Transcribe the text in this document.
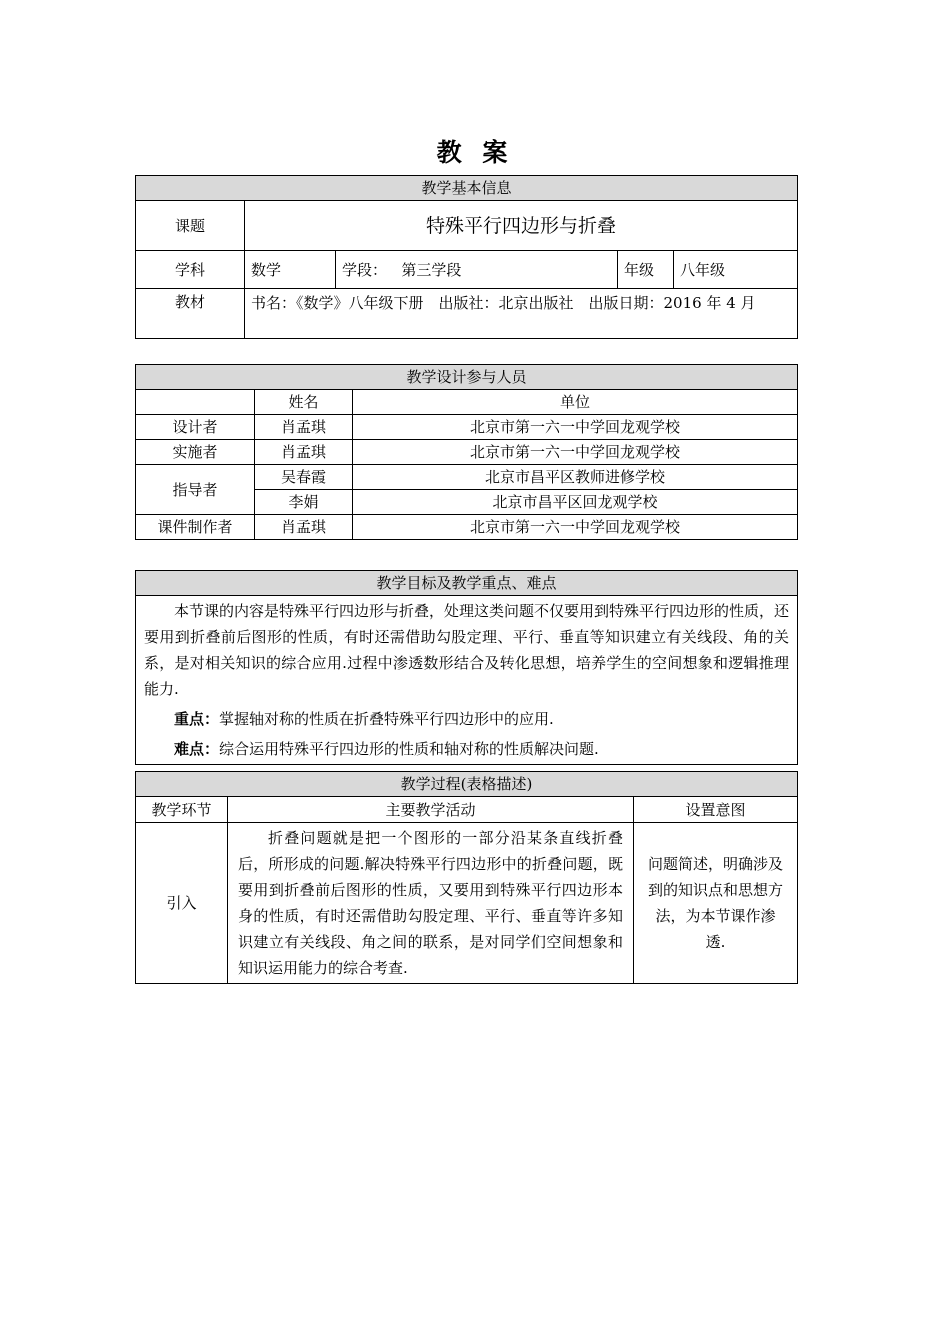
教 案
教学基本信息				
课题	特殊平行四边形与折叠			
学科	数学	学段： 第三学段	年级	八年级
教材	书名：《数学》八年级下册　出版社：北京出版社　出版日期：2016 年 4 月			
教学设计参与人员		
	姓名	单位
设计者	肖孟琪	北京市第一六一中学回龙观学校
实施者	肖孟琪	北京市第一六一中学回龙观学校
指导者	吴春霞	北京市昌平区教师进修学校
	李娟	北京市昌平区回龙观学校
课件制作者	肖孟琪	北京市第一六一中学回龙观学校
教学目标及教学重点、难点

本节课的内容是特殊平行四边形与折叠，处理这类问题不仅要用到特殊平行四边形的性质，还要用到折叠前后图形的性质，有时还需借助勾股定理、平行、垂直等知识建立有关线段、角的关系，是对相关知识的综合应用.过程中渗透数形结合及转化思想，培养学生的空间想象和逻辑推理能力.
重点：掌握轴对称的性质在折叠特殊平行四边形中的应用.
难点：综合运用特殊平行四边形的性质和轴对称的性质解决问题.
教学过程(表格描述)		
教学环节	主要教学活动	设置意图
引入	折叠问题就是把一个图形的一部分沿某条直线折叠后，所形成的问题.解决特殊平行四边形中的折叠问题，既要用到折叠前后图形的性质，又要用到特殊平行四边形本身的性质，有时还需借助勾股定理、平行、垂直等许多知识建立有关线段、角之间的联系，是对同学们空间想象和知识运用能力的综合考查.	问题简述，明确涉及到的知识点和思想方法，为本节课作渗透.
